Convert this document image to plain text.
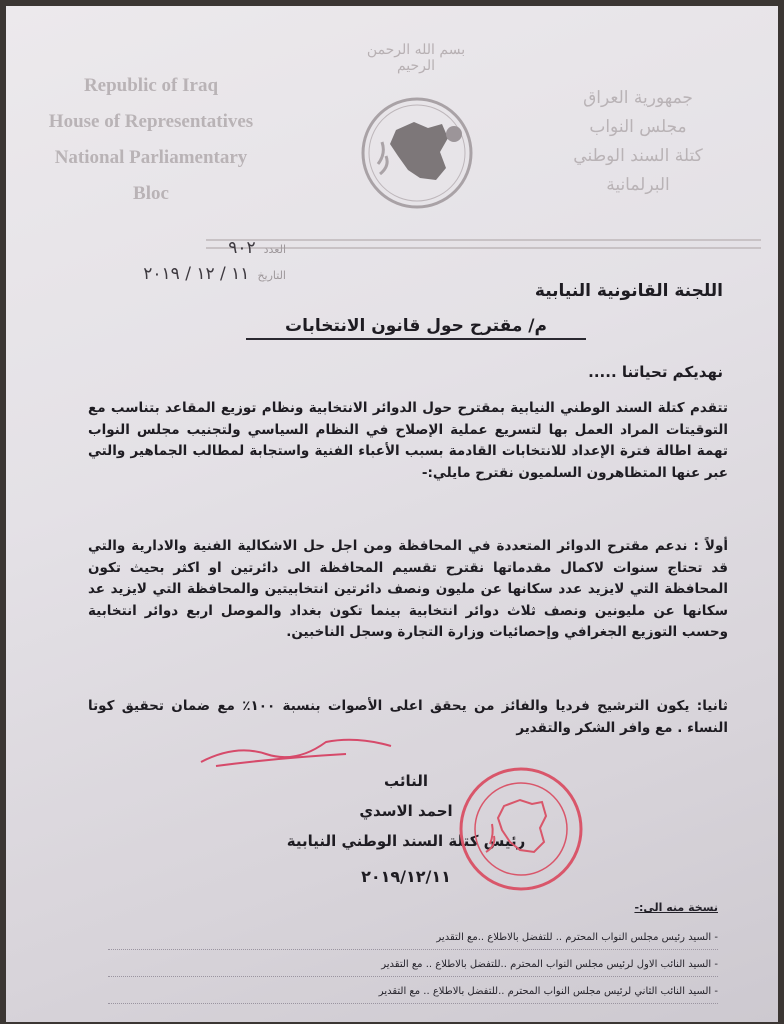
Republic of Iraq
House of Representatives
National Parliamentary
Bloc
بسم الله الرحمن الرحيم
جمهورية العراق
مجلس النواب
كتلة السند الوطني
البرلمانية
العدد
٩٠٢
التاريخ
١١ / ١٢ / ٢٠١٩
اللجنة القانونية النيابية
م/ مقترح حول قانون الانتخابات
نهديكم تحياتنا .....
تتقدم كتلة السند الوطني النيابية بمقترح حول الدوائر الانتخابية ونظام توزيع المقاعد بتناسب مع التوقيتات المراد العمل بها لتسريع عملية الإصلاح في النظام السياسي ولتجنيب مجلس النواب تهمة اطالة فترة الإعداد للانتخابات القادمة بسبب الأعباء الفنية واستجابة لمطالب الجماهير والتي عبر عنها المتظاهرون السلميون نقترح مايلي:-
أولاً : ندعم مقترح الدوائر المتعددة في المحافظة ومن اجل حل الاشكالية الفنية والادارية والتي قد تحتاج سنوات لاكمال مقدماتها نقترح تقسيم المحافظة الى دائرتين او اكثر بحيث تكون المحافظة التي لايزيد عدد سكانها عن مليون ونصف دائرتين انتخابيتين والمحافظة التي لايزيد عد سكانها عن مليونين ونصف ثلاث دوائر انتخابية بينما تكون بغداد والموصل اربع دوائر انتخابية وحسب التوزيع الجغرافي وإحصائيات وزارة التجارة وسجل الناخبين.
ثانيا: يكون الترشيح فرديا والفائز من يحقق اعلى الأصوات بنسبة ١٠٠٪ مع ضمان تحقيق كوتا النساء . مع وافر الشكر والتقدير
النائب
احمد الاسدي
رئيس كتلة السند الوطني النيابية
٢٠١٩/١٢/١١
نسخة منه الى:-
- السيد رئيس مجلس النواب المحترم .. للتفضل بالاطلاع ..مع التقدير
- السيد النائب الاول لرئيس مجلس النواب المحترم ..للتفضل بالاطلاع .. مع التقدير
- السيد النائب الثاني لرئيس مجلس النواب المحترم ..للتفضل بالاطلاع .. مع التقدير
